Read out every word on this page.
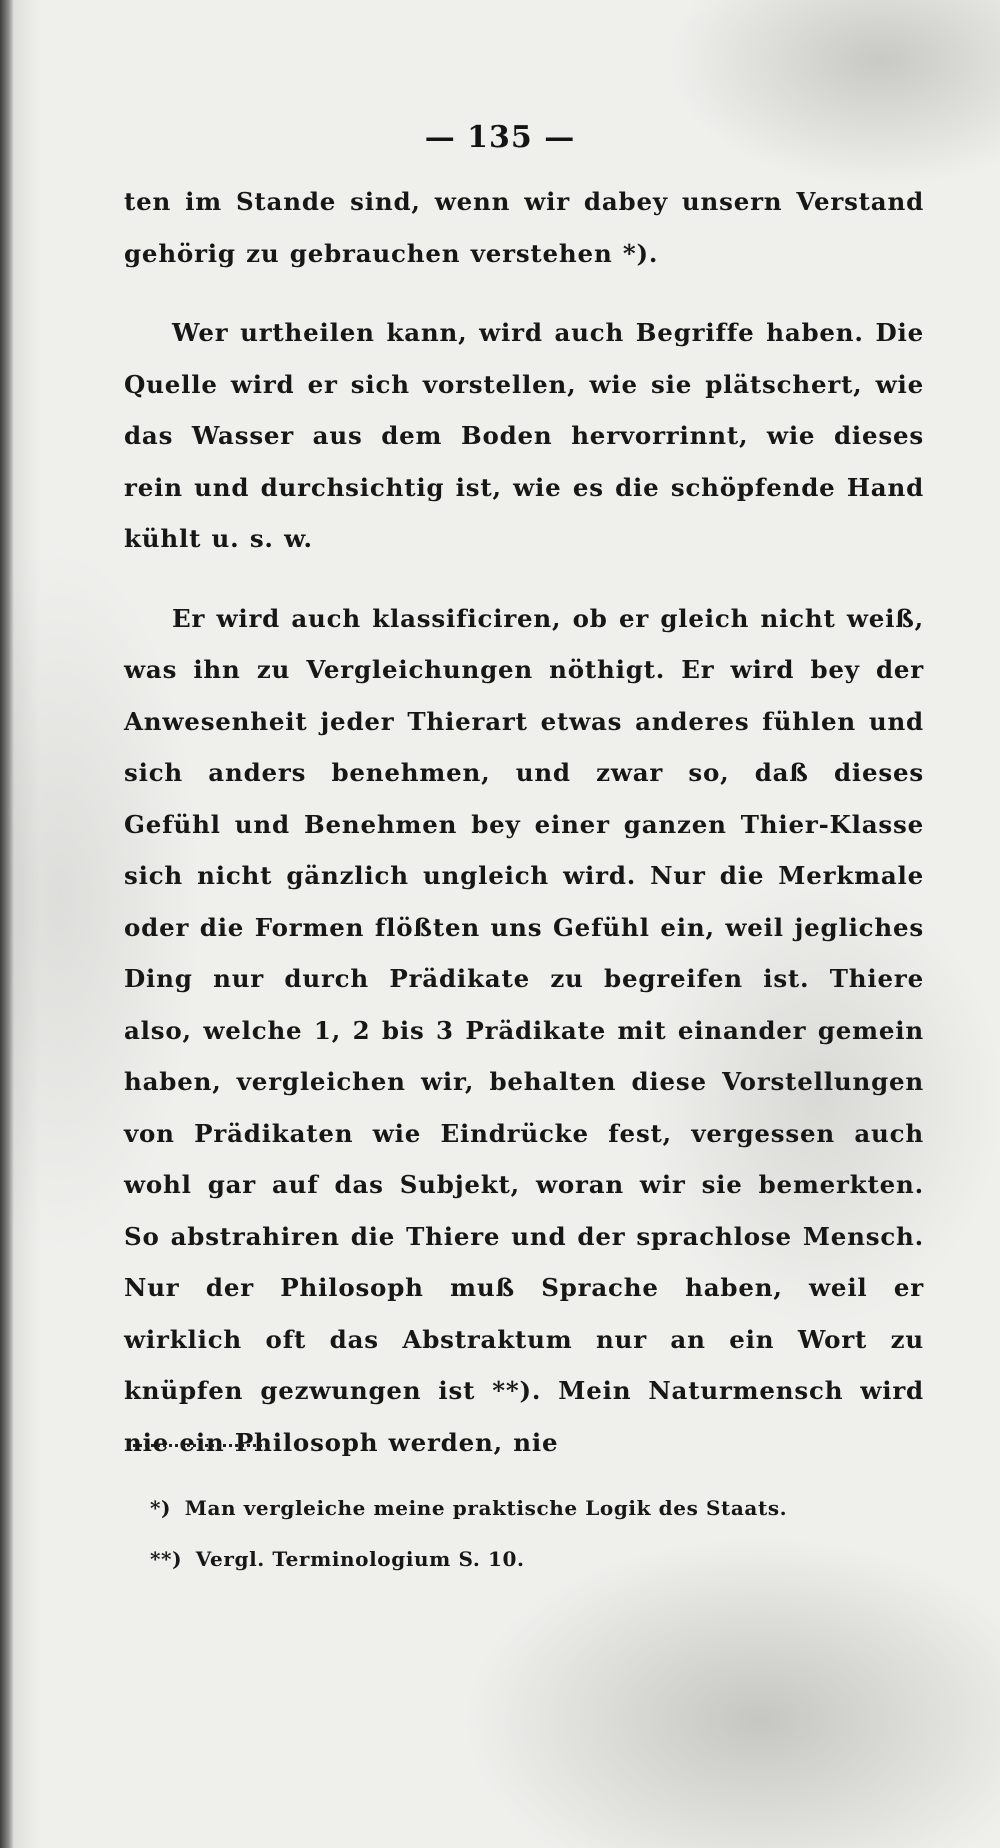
— 135 —

ten im Stande sind, wenn wir dabey unsern Verstand gehörig zu gebrauchen verstehen *).

Wer urtheilen kann, wird auch Begriffe haben. Die Quelle wird er sich vorstellen, wie sie plätschert, wie das Wasser aus dem Boden hervorrinnt, wie dieses rein und durchsichtig ist, wie es die schöpfende Hand kühlt u. s. w.

Er wird auch klassificiren, ob er gleich nicht weiß, was ihn zu Vergleichungen nöthigt. Er wird bey der Anwesenheit jeder Thierart etwas anderes fühlen und sich anders benehmen, und zwar so, daß dieses Gefühl und Benehmen bey einer ganzen Thier-Klasse sich nicht gänzlich ungleich wird. Nur die Merkmale oder die Formen flößten uns Gefühl ein, weil jegliches Ding nur durch Prädikate zu begreifen ist. Thiere also, welche 1, 2 bis 3 Prädikate mit einander gemein haben, vergleichen wir, behalten diese Vorstellungen von Prädikaten wie Eindrücke fest, vergessen auch wohl gar auf das Subjekt, woran wir sie bemerkten. So abstrahiren die Thiere und der sprachlose Mensch. Nur der Philosoph muß Sprache haben, weil er wirklich oft das Abstraktum nur an ein Wort zu knüpfen gezwungen ist **). Mein Naturmensch wird nie ein Philosoph werden, nie

*) Man vergleiche meine praktische Logik des Staats.

**) Vergl. Terminologium S. 10.
